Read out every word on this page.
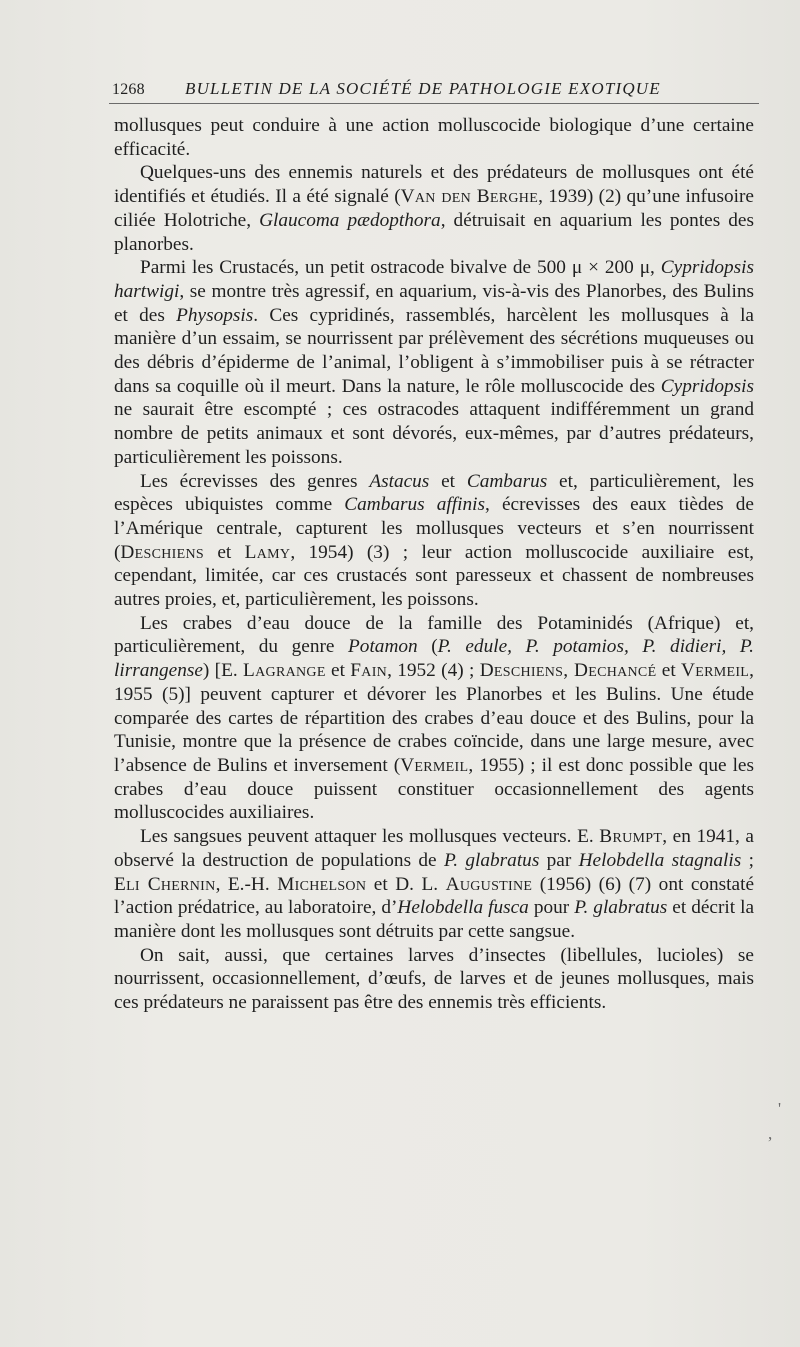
1268 BULLETIN DE LA SOCIÉTÉ DE PATHOLOGIE EXOTIQUE

mollusques peut conduire à une action molluscocide biologique d’une certaine efficacité.

Quelques-uns des ennemis naturels et des prédateurs de mollusques ont été identifiés et étudiés. Il a été signalé (Van den Berghe, 1939) (2) qu’une infusoire ciliée Holotriche, Glaucoma pædopthora, détruisait en aquarium les pontes des planorbes.

Parmi les Crustacés, un petit ostracode bivalve de 500 μ × 200 μ, Cypridopsis hartwigi, se montre très agressif, en aquarium, vis-à-vis des Planorbes, des Bulins et des Physopsis. Ces cypridinés, rassemblés, harcèlent les mollusques à la manière d’un essaim, se nourrissent par prélèvement des sécrétions muqueuses ou des débris d’épiderme de l’animal, l’obligent à s’immobiliser puis à se rétracter dans sa coquille où il meurt. Dans la nature, le rôle molluscocide des Cypridopsis ne saurait être escompté ; ces ostracodes attaquent indifféremment un grand nombre de petits animaux et sont dévorés, eux-mêmes, par d’autres prédateurs, particulièrement les poissons.

Les écrevisses des genres Astacus et Cambarus et, particulièrement, les espèces ubiquistes comme Cambarus affinis, écrevisses des eaux tièdes de l’Amérique centrale, capturent les mollusques vecteurs et s’en nourrissent (Deschiens et Lamy, 1954) (3) ; leur action molluscocide auxiliaire est, cependant, limitée, car ces crustacés sont paresseux et chassent de nombreuses autres proies, et, particulièrement, les poissons.

Les crabes d’eau douce de la famille des Potaminidés (Afrique) et, particulièrement, du genre Potamon (P. edule, P. potamios, P. didieri, P. lirrangense) [E. Lagrange et Fain, 1952 (4) ; Deschiens, Dechancé et Vermeil, 1955 (5)] peuvent capturer et dévorer les Planorbes et les Bulins. Une étude comparée des cartes de répartition des crabes d’eau douce et des Bulins, pour la Tunisie, montre que la présence de crabes coïncide, dans une large mesure, avec l’absence de Bulins et inversement (Vermeil, 1955) ; il est donc possible que les crabes d’eau douce puissent constituer occasionnellement des agents molluscocides auxiliaires.

Les sangsues peuvent attaquer les mollusques vecteurs. E. Brumpt, en 1941, a observé la destruction de populations de P. glabratus par Helobdella stagnalis ; Eli Chernin, E.-H. Michelson et D. L. Augustine (1956) (6) (7) ont constaté l’action prédatrice, au laboratoire, d’Helobdella fusca pour P. glabratus et décrit la manière dont les mollusques sont détruits par cette sangsue.

On sait, aussi, que certaines larves d’insectes (libellules, lucioles) se nourrissent, occasionnellement, d’œufs, de larves et de jeunes mollusques, mais ces prédateurs ne paraissent pas être des ennemis très efficients.

'
,
